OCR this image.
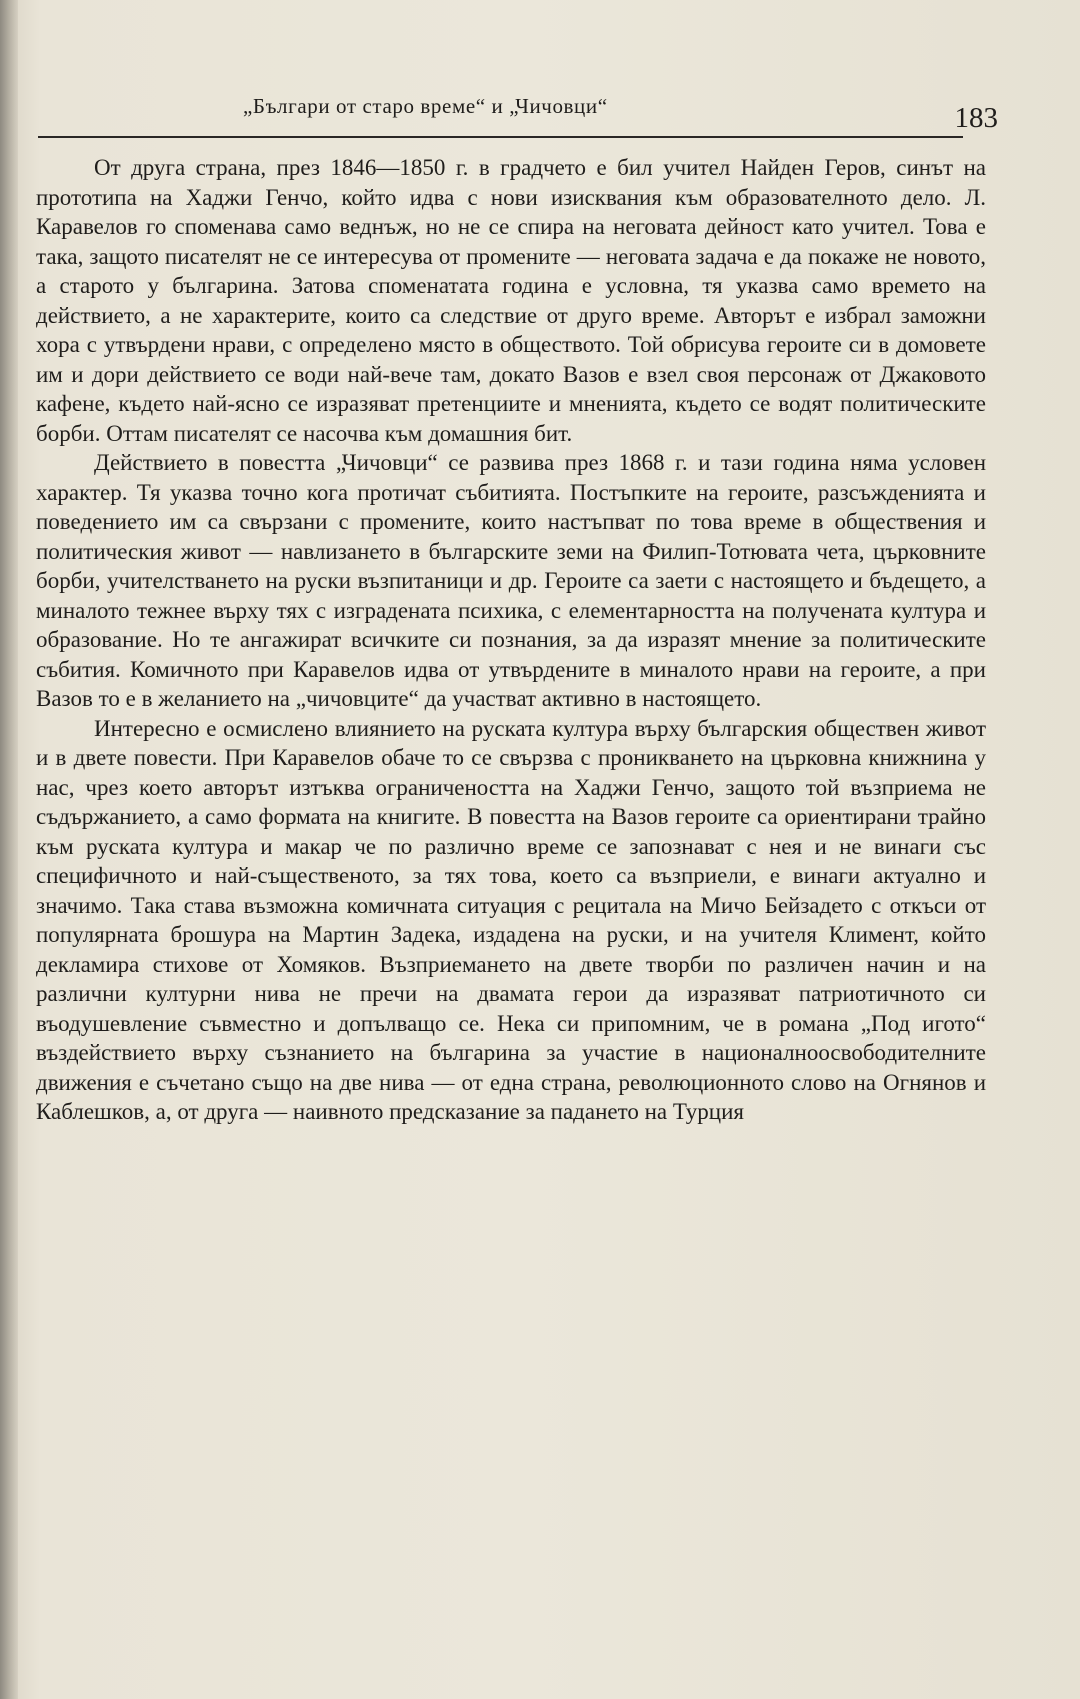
„Българи от старо време“ и „Чичовци“	183

От друга страна, през 1846—1850 г. в градчето е бил учител Найден Геров, синът на прототипа на Хаджи Генчо, който идва с нови изисквания към образователното дело. Л. Каравелов го споменава само веднъж, но не се спира на неговата дейност като учител. Това е така, защото писателят не се интересува от промените — неговата задача е да покаже не новото, а старото у българина. Затова споменатата година е условна, тя указва само времето на действието, а не характерите, които са следствие от друго време. Авторът е избрал заможни хора с утвърдени нрави, с определено място в обществото. Той обрисува героите си в домовете им и дори действието се води най-вече там, докато Вазов е взел своя персонаж от Джаковото кафене, където най-ясно се изразяват претенциите и мненията, където се водят политическите борби. Оттам писателят се насочва към домашния бит.

Действието в повестта „Чичовци“ се развива през 1868 г. и тази година няма условен характер. Тя указва точно кога протичат събитията. Постъпките на героите, разсъжденията и поведението им са свързани с промените, които настъпват по това време в обществения и политическия живот — навлизането в българските земи на Филип-Тотювата чета, църковните борби, учителстването на руски възпитаници и др. Героите са заети с настоящето и бъдещето, а миналото тежнее върху тях с изградената психика, с елементарността на получената култура и образование. Но те ангажират всичките си познания, за да изразят мнение за политическите събития. Комичното при Каравелов идва от утвърдените в миналото нрави на героите, а при Вазов то е в желанието на „чичовците“ да участват активно в настоящето.

Интересно е осмислено влиянието на руската култура върху българския обществен живот и в двете повести. При Каравелов обаче то се свързва с проникването на църковна книжнина у нас, чрез което авторът изтъква ограничеността на Хаджи Генчо, защото той възприема не съдържанието, а само формата на книгите. В повестта на Вазов героите са ориентирани трайно към руската култура и макар че по различно време се запознават с нея и не винаги със специфичното и най-същественото, за тях това, което са възприели, е винаги актуално и значимо. Така става възможна комичната ситуация с рецитала на Мичо Бейзадето с откъси от популярната брошура на Мартин Задека, издадена на руски, и на учителя Климент, който декламира стихове от Хомяков. Възприемането на двете творби по различен начин и на различни културни нива не пречи на двамата герои да изразяват патриотичното си въодушевление съвместно и допълващо се. Нека си припомним, че в романа „Под игото“ въздействието върху съзнанието на българина за участие в националноосвободителните движения е съчетано също на две нива — от една страна, революционното слово на Огнянов и Каблешков, а, от друга — наивното предсказание за падането на Турция
